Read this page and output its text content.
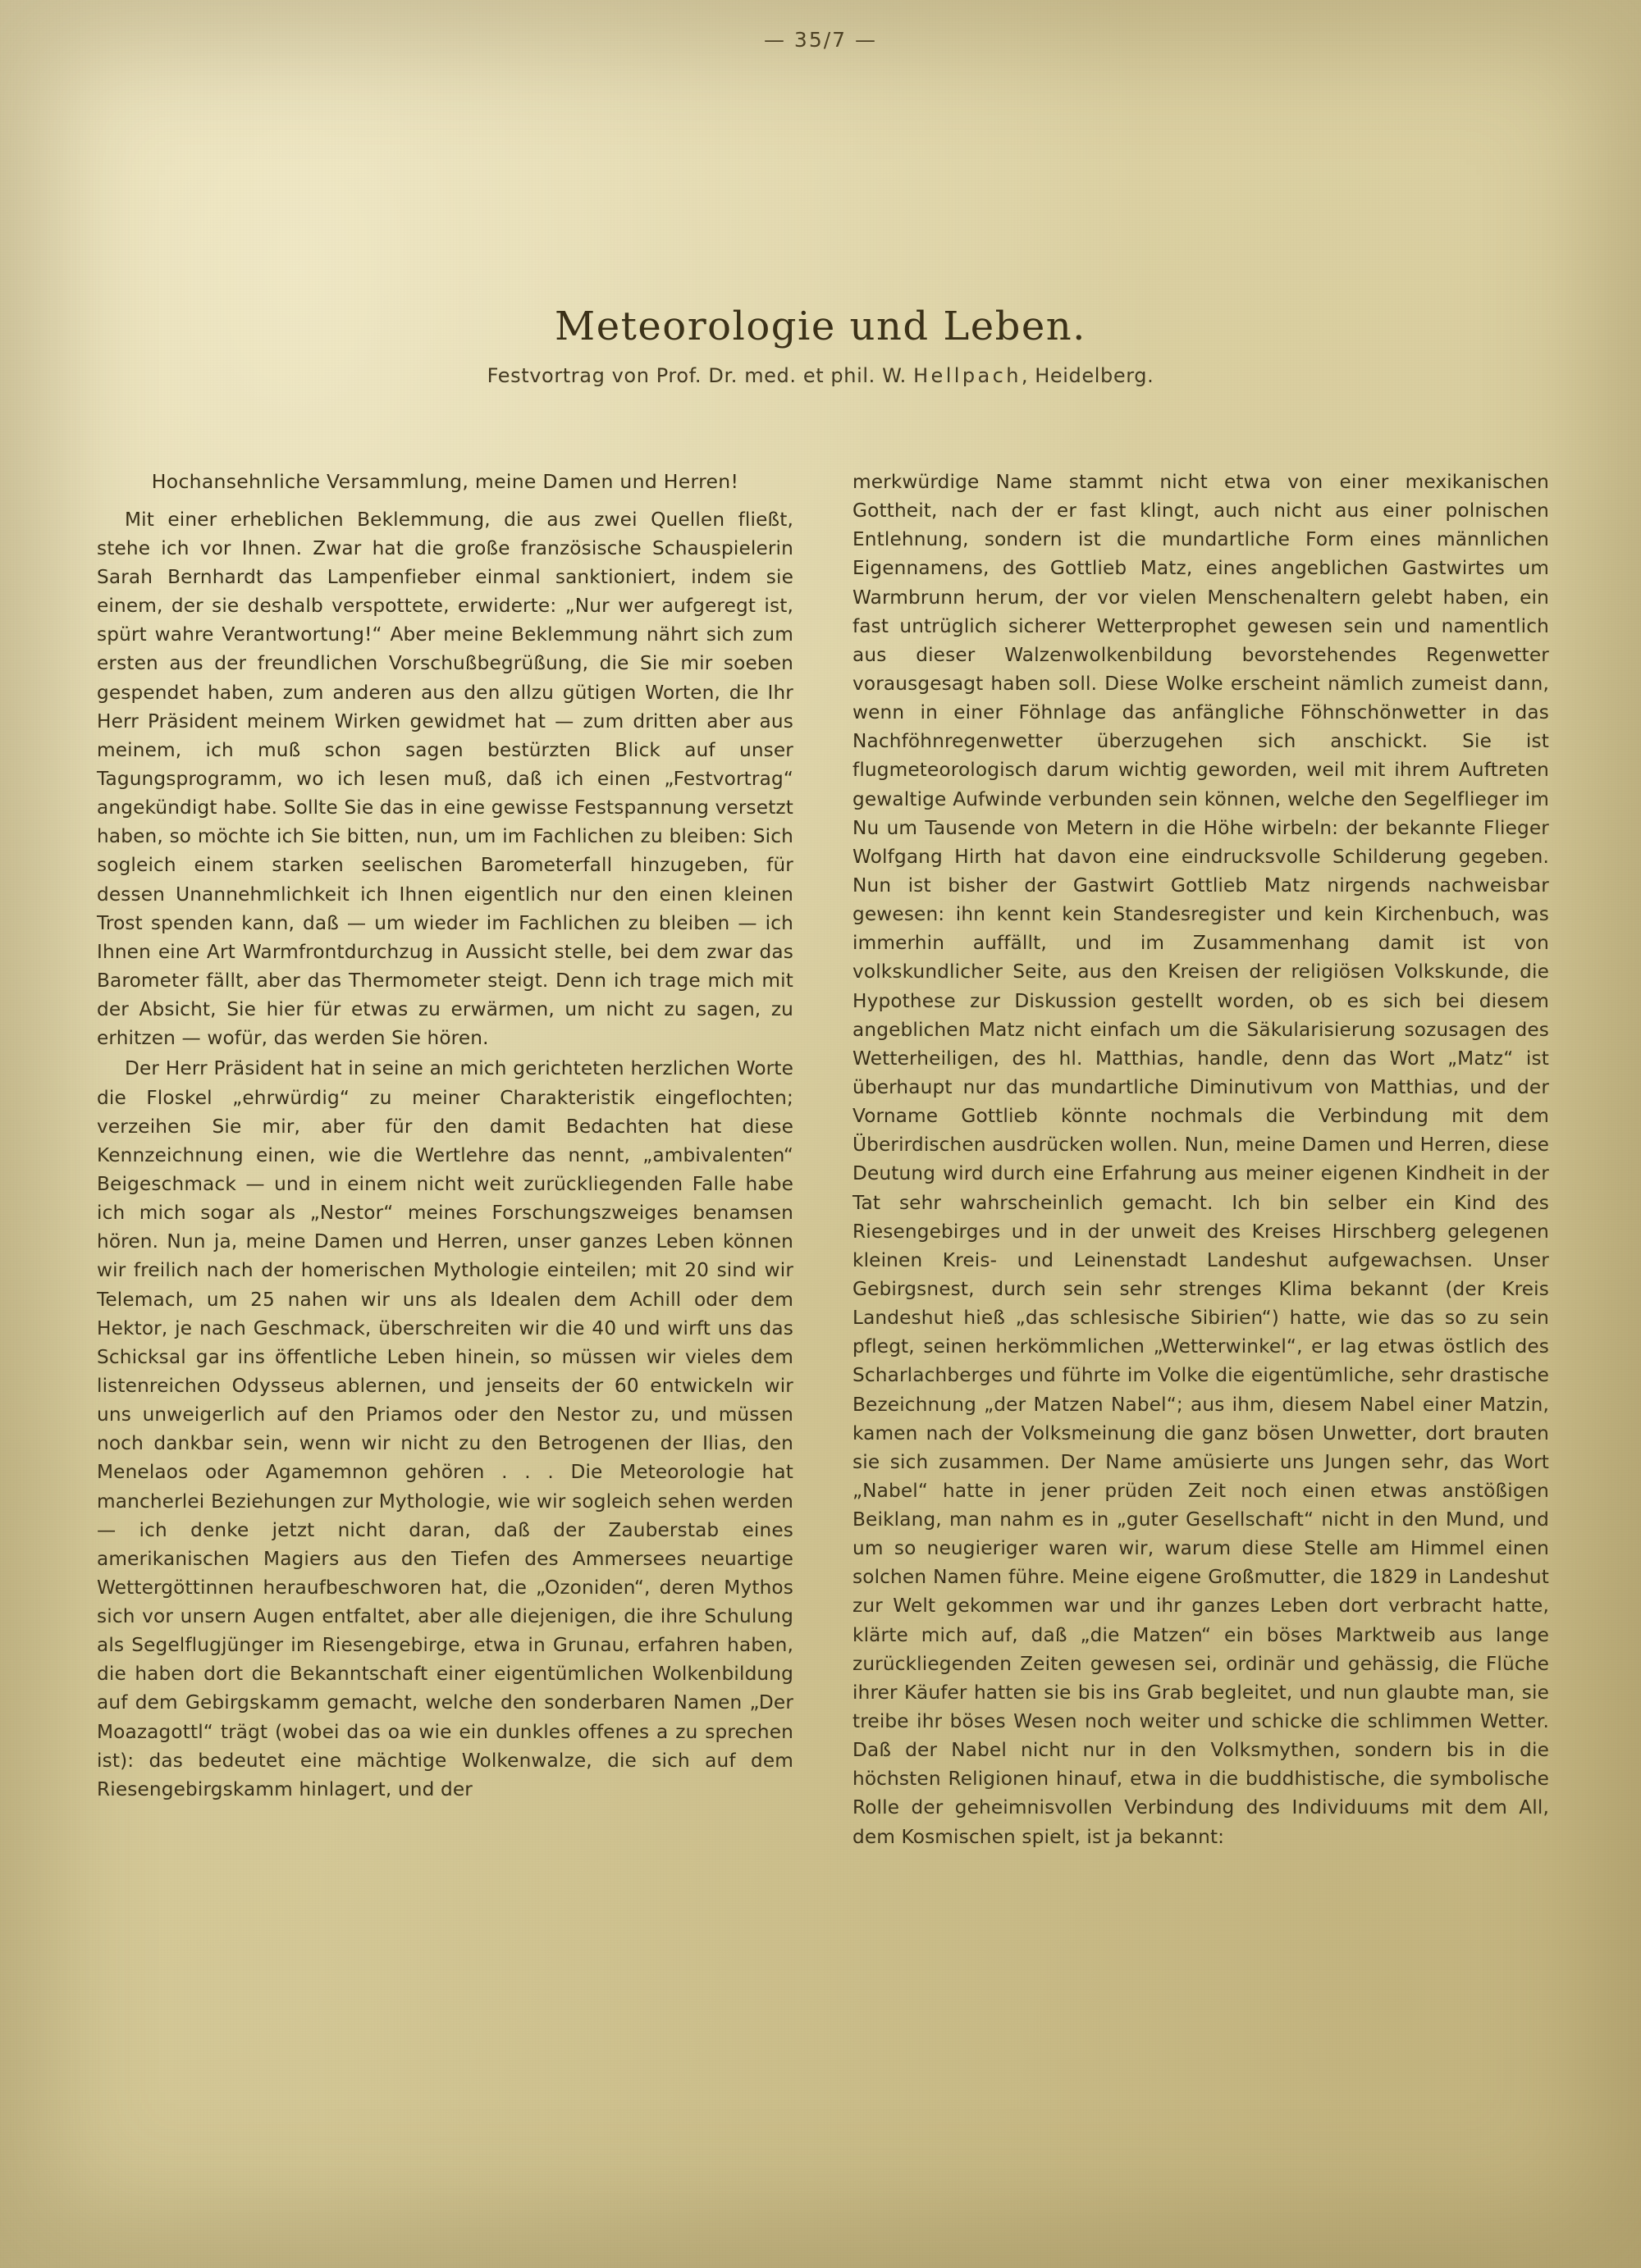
— 35/7 —
Meteorologie und Leben.
Festvortrag von Prof. Dr. med. et phil. W. Hellpach, Heidelberg.
Hochansehnliche Versammlung, meine Damen und Herren!

Mit einer erheblichen Beklemmung, die aus zwei Quellen fließt, stehe ich vor Ihnen. Zwar hat die große französische Schauspielerin Sarah Bernhardt das Lampenfieber einmal sanktioniert, indem sie einem, der sie deshalb verspottete, erwiderte: „Nur wer aufgeregt ist, spürt wahre Verantwortung!“ Aber meine Beklemmung nährt sich zum ersten aus der freundlichen Vorschußbegrüßung, die Sie mir soeben gespendet haben, zum anderen aus den allzu gütigen Worten, die Ihr Herr Präsident meinem Wirken gewidmet hat — zum dritten aber aus meinem, ich muß schon sagen bestürzten Blick auf unser Tagungsprogramm, wo ich lesen muß, daß ich einen „Festvortrag“ angekündigt habe. Sollte Sie das in eine gewisse Festspannung versetzt haben, so möchte ich Sie bitten, nun, um im Fachlichen zu bleiben: Sich sogleich einem starken seelischen Barometerfall hinzugeben, für dessen Unannehmlichkeit ich Ihnen eigentlich nur den einen kleinen Trost spenden kann, daß — um wieder im Fachlichen zu bleiben — ich Ihnen eine Art Warmfrontdurchzug in Aussicht stelle, bei dem zwar das Barometer fällt, aber das Thermometer steigt. Denn ich trage mich mit der Absicht, Sie hier für etwas zu erwärmen, um nicht zu sagen, zu erhitzen — wofür, das werden Sie hören.

Der Herr Präsident hat in seine an mich gerichteten herzlichen Worte die Floskel „ehrwürdig“ zu meiner Charakteristik eingeflochten; verzeihen Sie mir, aber für den damit Bedachten hat diese Kennzeichnung einen, wie die Wertlehre das nennt, „ambivalenten“ Beigeschmack — und in einem nicht weit zurückliegenden Falle habe ich mich sogar als „Nestor“ meines Forschungszweiges benamsen hören. Nun ja, meine Damen und Herren, unser ganzes Leben können wir freilich nach der homerischen Mythologie einteilen; mit 20 sind wir Telemach, um 25 nahen wir uns als Idealen dem Achill oder dem Hektor, je nach Geschmack, überschreiten wir die 40 und wirft uns das Schicksal gar ins öffentliche Leben hinein, so müssen wir vieles dem listenreichen Odysseus ablernen, und jenseits der 60 entwickeln wir uns unweigerlich auf den Priamos oder den Nestor zu, und müssen noch dankbar sein, wenn wir nicht zu den Betrogenen der Ilias, den Menelaos oder Agamemnon gehören . . . Die Meteorologie hat mancherlei Beziehungen zur Mythologie, wie wir sogleich sehen werden — ich denke jetzt nicht daran, daß der Zauberstab eines amerikanischen Magiers aus den Tiefen des Ammersees neuartige Wettergöttinnen heraufbeschworen hat, die „Ozoniden“, deren Mythos sich vor unsern Augen entfaltet, aber alle diejenigen, die ihre Schulung als Segelflugjünger im Riesengebirge, etwa in Grunau, erfahren haben, die haben dort die Bekanntschaft einer eigentümlichen Wolkenbildung auf dem Gebirgskamm gemacht, welche den sonderbaren Namen „Der Moazagottl“ trägt (wobei das oa wie ein dunkles offenes a zu sprechen ist): das bedeutet eine mächtige Wolkenwalze, die sich auf dem Riesengebirgskamm hinlagert, und der

merkwürdige Name stammt nicht etwa von einer mexikanischen Gottheit, nach der er fast klingt, auch nicht aus einer polnischen Entlehnung, sondern ist die mundartliche Form eines männlichen Eigennamens, des Gottlieb Matz, eines angeblichen Gastwirtes um Warmbrunn herum, der vor vielen Menschenaltern gelebt haben, ein fast untrüglich sicherer Wetterprophet gewesen sein und namentlich aus dieser Walzenwolkenbildung bevorstehendes Regenwetter vorausgesagt haben soll. Diese Wolke erscheint nämlich zumeist dann, wenn in einer Föhnlage das anfängliche Föhnschönwetter in das Nachföhnregenwetter überzugehen sich anschickt. Sie ist flugmeteorologisch darum wichtig geworden, weil mit ihrem Auftreten gewaltige Aufwinde verbunden sein können, welche den Segelflieger im Nu um Tausende von Metern in die Höhe wirbeln: der bekannte Flieger Wolfgang Hirth hat davon eine eindrucksvolle Schilderung gegeben. Nun ist bisher der Gastwirt Gottlieb Matz nirgends nachweisbar gewesen: ihn kennt kein Standesregister und kein Kirchenbuch, was immerhin auffällt, und im Zusammenhang damit ist von volkskundlicher Seite, aus den Kreisen der religiösen Volkskunde, die Hypothese zur Diskussion gestellt worden, ob es sich bei diesem angeblichen Matz nicht einfach um die Säkularisierung sozusagen des Wetterheiligen, des hl. Matthias, handle, denn das Wort „Matz“ ist überhaupt nur das mundartliche Diminutivum von Matthias, und der Vorname Gottlieb könnte nochmals die Verbindung mit dem Überirdischen ausdrücken wollen. Nun, meine Damen und Herren, diese Deutung wird durch eine Erfahrung aus meiner eigenen Kindheit in der Tat sehr wahrscheinlich gemacht. Ich bin selber ein Kind des Riesengebirges und in der unweit des Kreises Hirschberg gelegenen kleinen Kreis- und Leinenstadt Landeshut aufgewachsen. Unser Gebirgsnest, durch sein sehr strenges Klima bekannt (der Kreis Landeshut hieß „das schlesische Sibirien“) hatte, wie das so zu sein pflegt, seinen herkömmlichen „Wetterwinkel“, er lag etwas östlich des Scharlachberges und führte im Volke die eigentümliche, sehr drastische Bezeichnung „der Matzen Nabel“; aus ihm, diesem Nabel einer Matzin, kamen nach der Volksmeinung die ganz bösen Unwetter, dort brauten sie sich zusammen. Der Name amüsierte uns Jungen sehr, das Wort „Nabel“ hatte in jener prüden Zeit noch einen etwas anstößigen Beiklang, man nahm es in „guter Gesellschaft“ nicht in den Mund, und um so neugieriger waren wir, warum diese Stelle am Himmel einen solchen Namen führe. Meine eigene Großmutter, die 1829 in Landeshut zur Welt gekommen war und ihr ganzes Leben dort verbracht hatte, klärte mich auf, daß „die Matzen“ ein böses Marktweib aus lange zurückliegenden Zeiten gewesen sei, ordinär und gehässig, die Flüche ihrer Käufer hatten sie bis ins Grab begleitet, und nun glaubte man, sie treibe ihr böses Wesen noch weiter und schicke die schlimmen Wetter. Daß der Nabel nicht nur in den Volksmythen, sondern bis in die höchsten Religionen hinauf, etwa in die buddhistische, die symbolische Rolle der geheimnisvollen Verbindung des Individuums mit dem All, dem Kosmischen spielt, ist ja bekannt:
